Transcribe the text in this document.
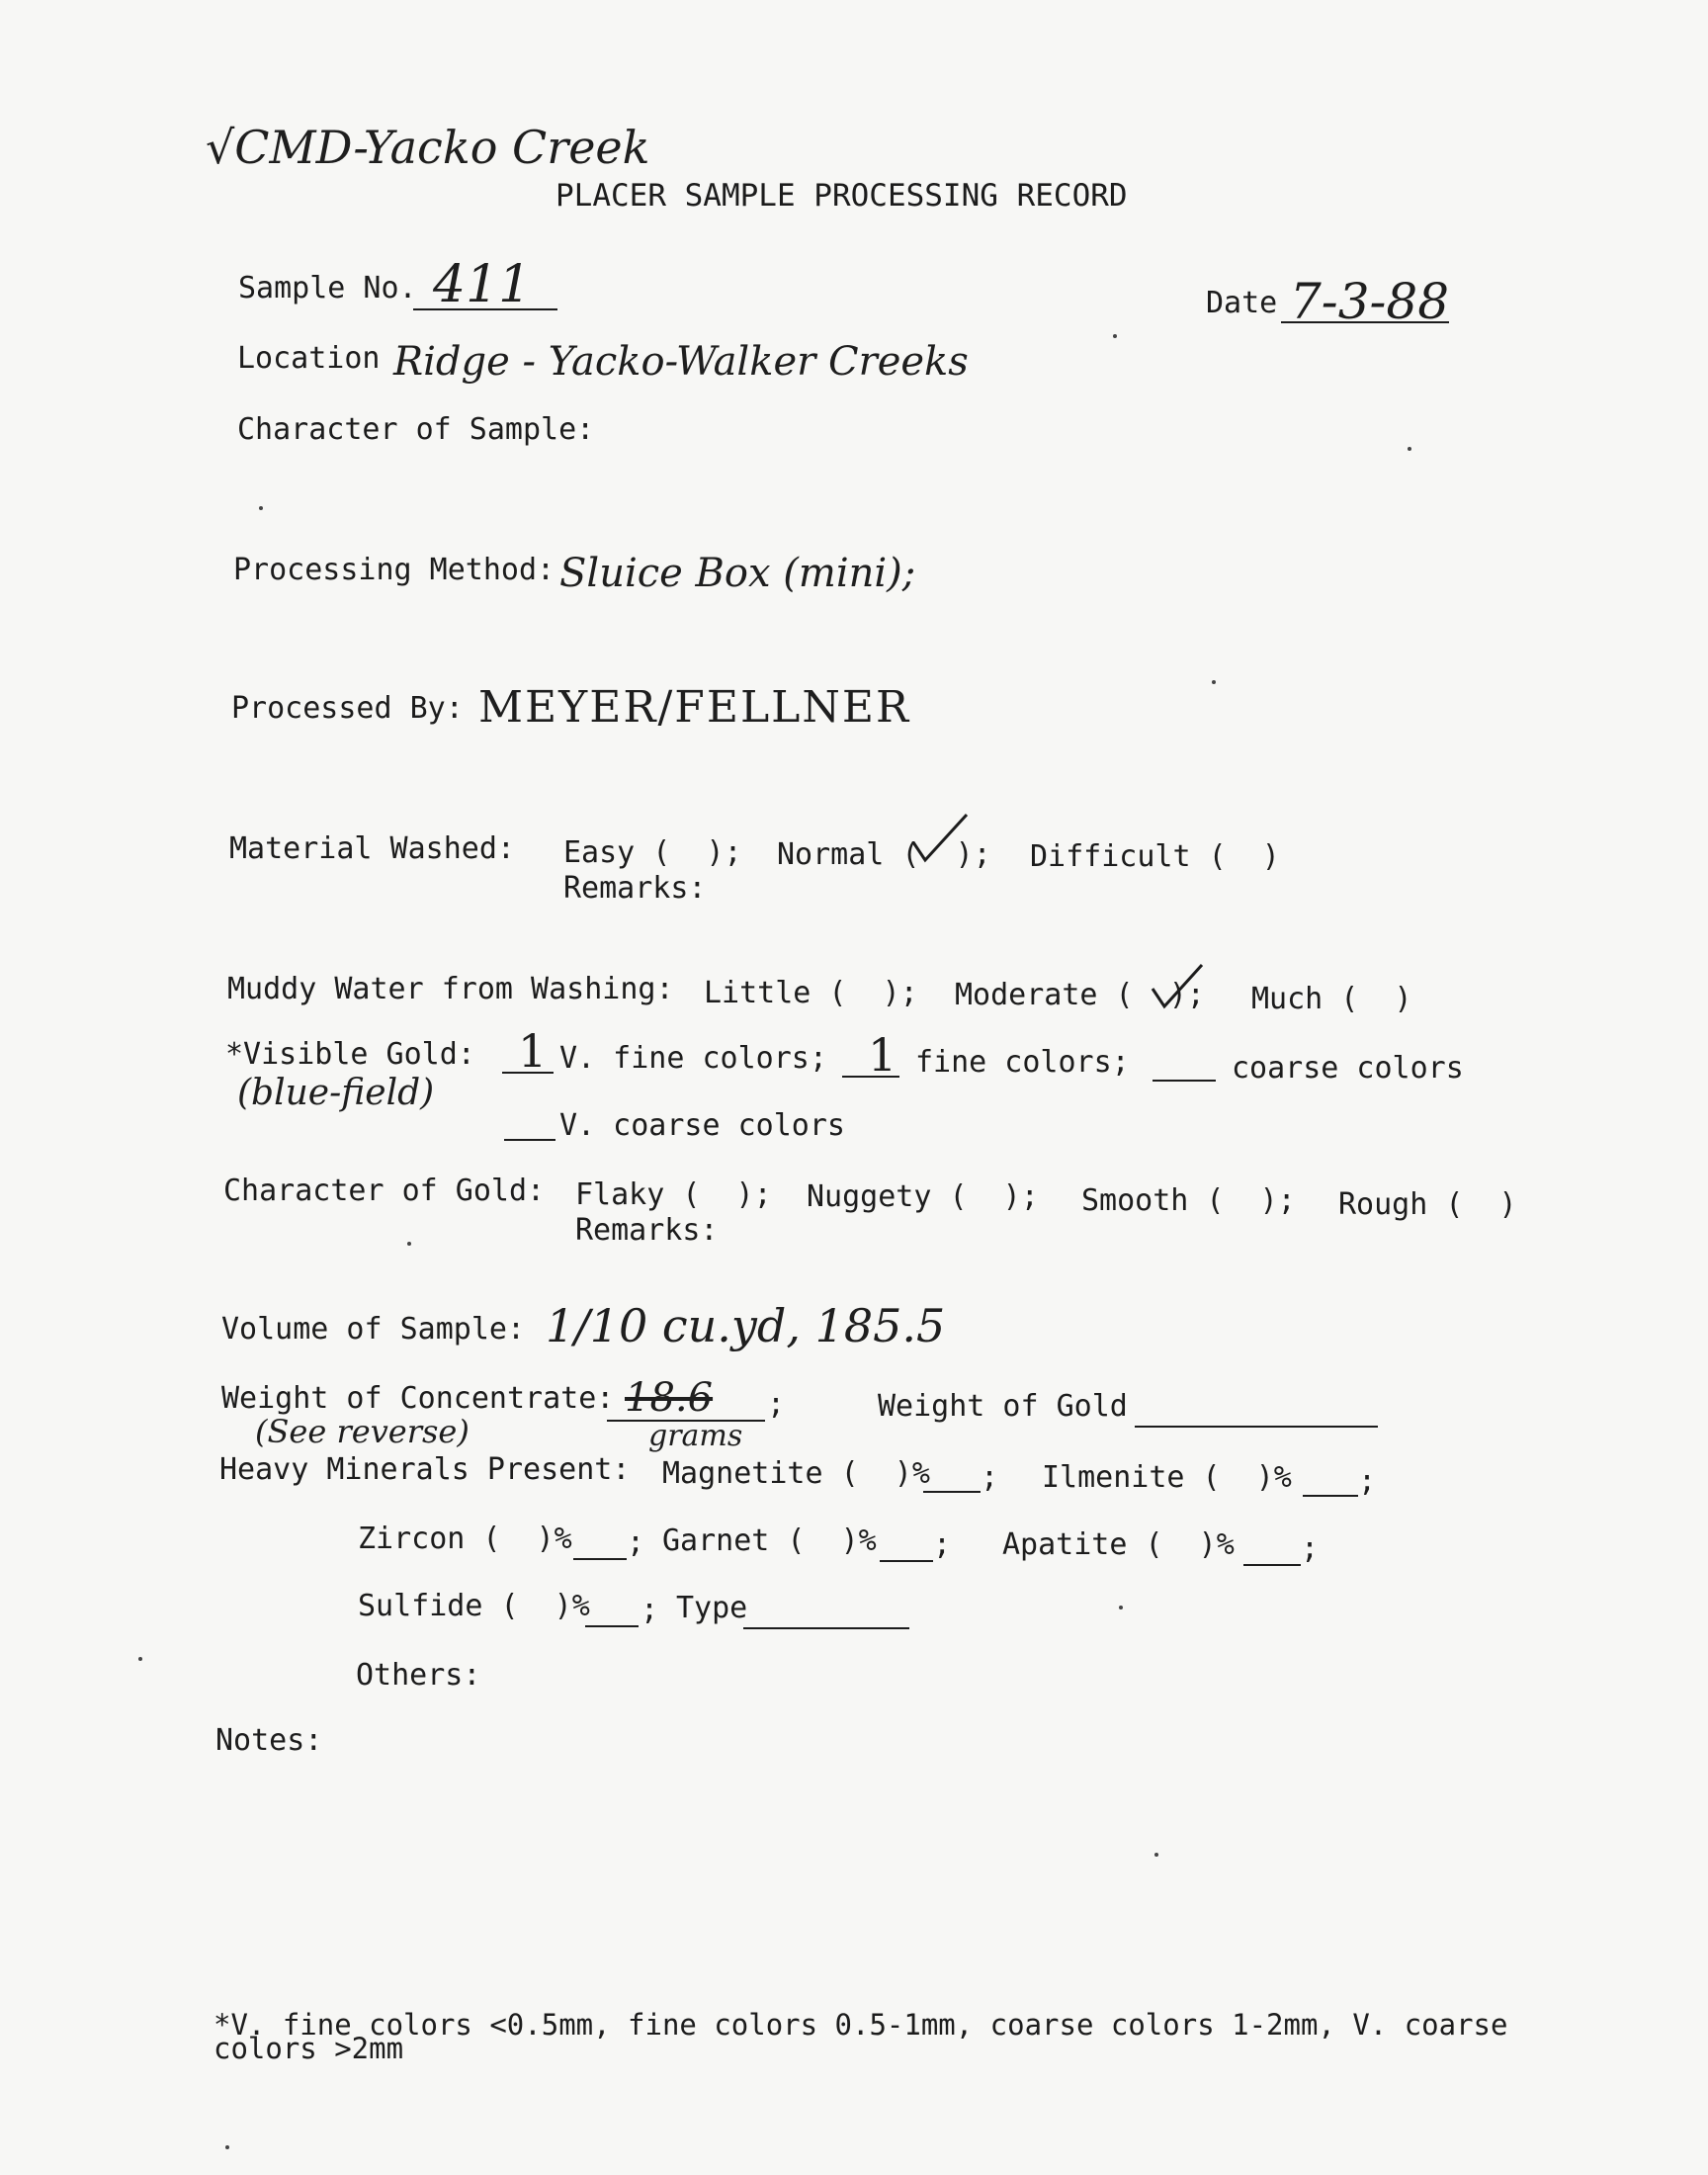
√CMD-Yacko Creek
PLACER SAMPLE PROCESSING RECORD
Sample No. 411	Date 7-3-88
Location Ridge - Yacko-Walker Creeks
Character of Sample:
Processing Method: Sluice Box (mini);
Processed By: MEYER/FELLNER
Material Washed: Easy (  ); Normal (  ); Difficult (  )
Remarks:
Muddy Water from Washing: Little (  ); Moderate (  ); Much (  )
*Visible Gold:
(blue-field)
1 V. fine colors; 1 fine colors;	coarse colors
V. coarse colors
Character of Gold: Flaky (  ); Nuggety (  ); Smooth (  ); Rough (  )
Remarks:
Volume of Sample: 1/10 cu.yd, 185.5
Weight of Concentrate: 18.6 ;
grams
(See reverse)
Weight of Gold
Heavy Minerals Present: Magnetite (  )% ; Ilmenite (  )% ;
Zircon (  )% ; Garnet (  )% ; Apatite (  )% ;
Sulfide (  )% ; Type
Others:
Notes:
*V. fine colors <0.5mm, fine colors 0.5-1mm, coarse colors 1-2mm, V. coarse
colors >2mm
